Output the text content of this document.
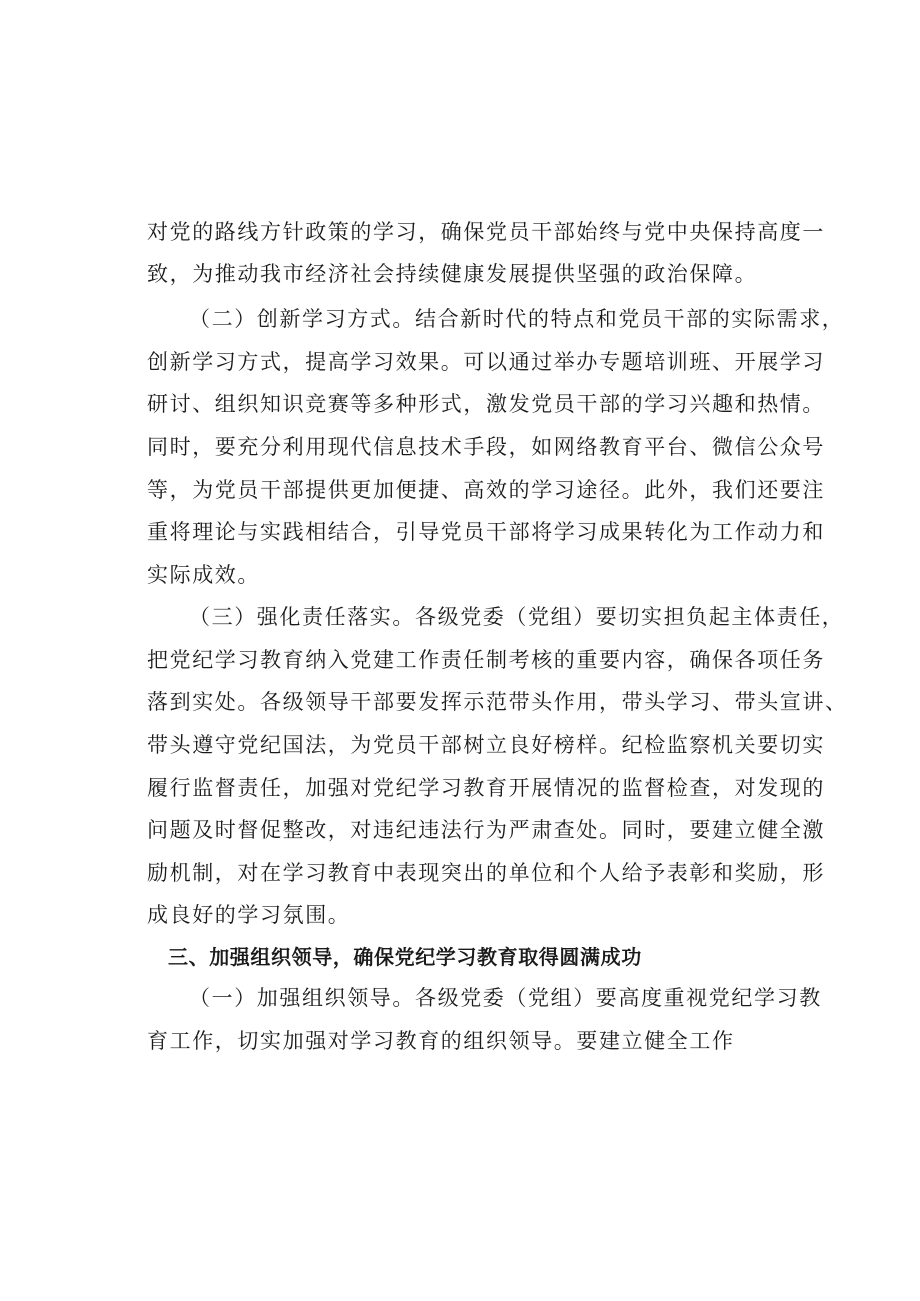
对党的路线方针政策的学习，确保党员干部始终与党中央保持高度一
致，为推动我市经济社会持续健康发展提供坚强的政治保障。
（二）创新学习方式。结合新时代的特点和党员干部的实际需求，
创新学习方式，提高学习效果。可以通过举办专题培训班、开展学习
研讨、组织知识竞赛等多种形式，激发党员干部的学习兴趣和热情。
同时，要充分利用现代信息技术手段，如网络教育平台、微信公众号
等，为党员干部提供更加便捷、高效的学习途径。此外，我们还要注
重将理论与实践相结合，引导党员干部将学习成果转化为工作动力和
实际成效。
（三）强化责任落实。各级党委（党组）要切实担负起主体责任，
把党纪学习教育纳入党建工作责任制考核的重要内容，确保各项任务
落到实处。各级领导干部要发挥示范带头作用，带头学习、带头宣讲、
带头遵守党纪国法，为党员干部树立良好榜样。纪检监察机关要切实
履行监督责任，加强对党纪学习教育开展情况的监督检查，对发现的
问题及时督促整改，对违纪违法行为严肃查处。同时，要建立健全激
励机制，对在学习教育中表现突出的单位和个人给予表彰和奖励，形
成良好的学习氛围。
三、加强组织领导，确保党纪学习教育取得圆满成功
（一）加强组织领导。各级党委（党组）要高度重视党纪学习教
育工作，切实加强对学习教育的组织领导。要建立健全工作
